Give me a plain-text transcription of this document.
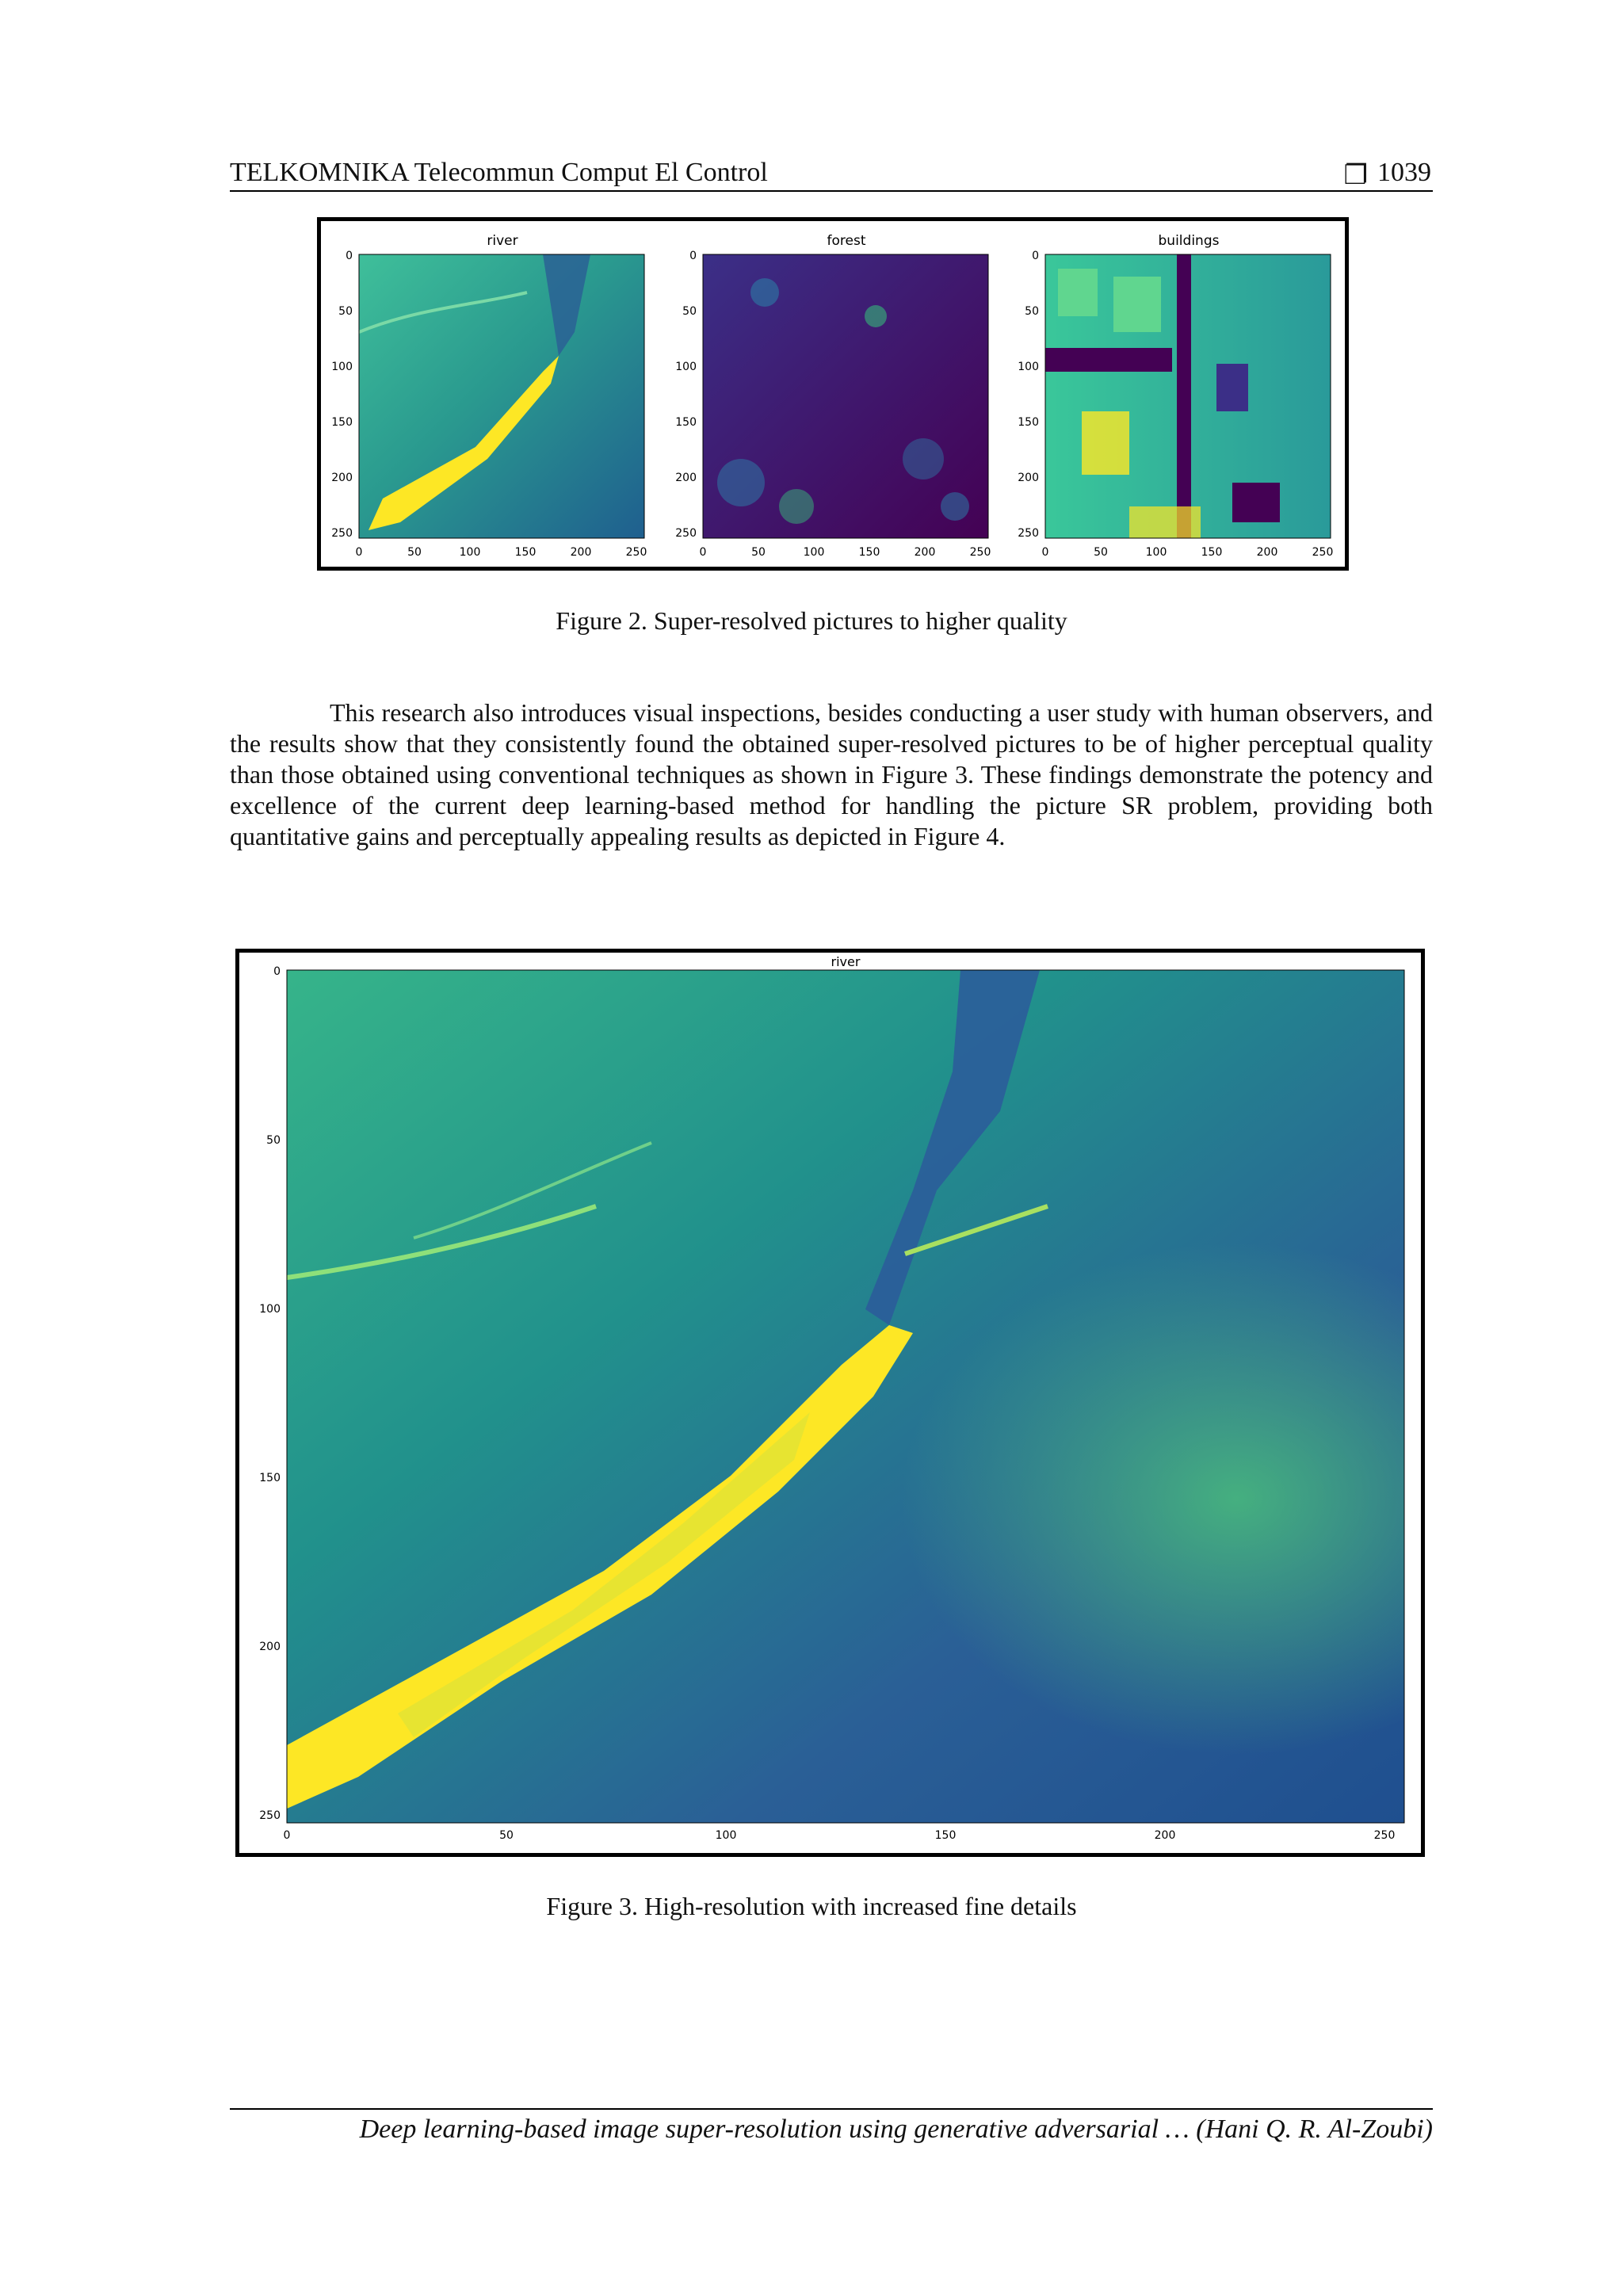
TELKOMNIKA Telecommun Comput El Control	❐ 1039
river
0
50
100
150
200
250
0	50	100	150	200	250
forest
0
50
100
150
200
250
0	50	100	150	200	250
buildings
0
50
100
150
200
250
0	50	100	150	200	250
Figure 2. Super-resolved pictures to higher quality

This research also introduces visual inspections, besides conducting a user study with human observers, and the results show that they consistently found the obtained super-resolved pictures to be of higher perceptual quality than those obtained using conventional techniques as shown in Figure 3. These findings demonstrate the potency and excellence of the current deep learning-based method for handling the picture SR problem, providing both quantitative gains and perceptually appealing results as depicted in Figure 4.

river
0
50
100
150
200
250
0	50	100	150	200	250
Figure 3. High-resolution with increased fine details
Deep learning-based image super-resolution using generative adversarial … (Hani Q. R. Al-Zoubi)
